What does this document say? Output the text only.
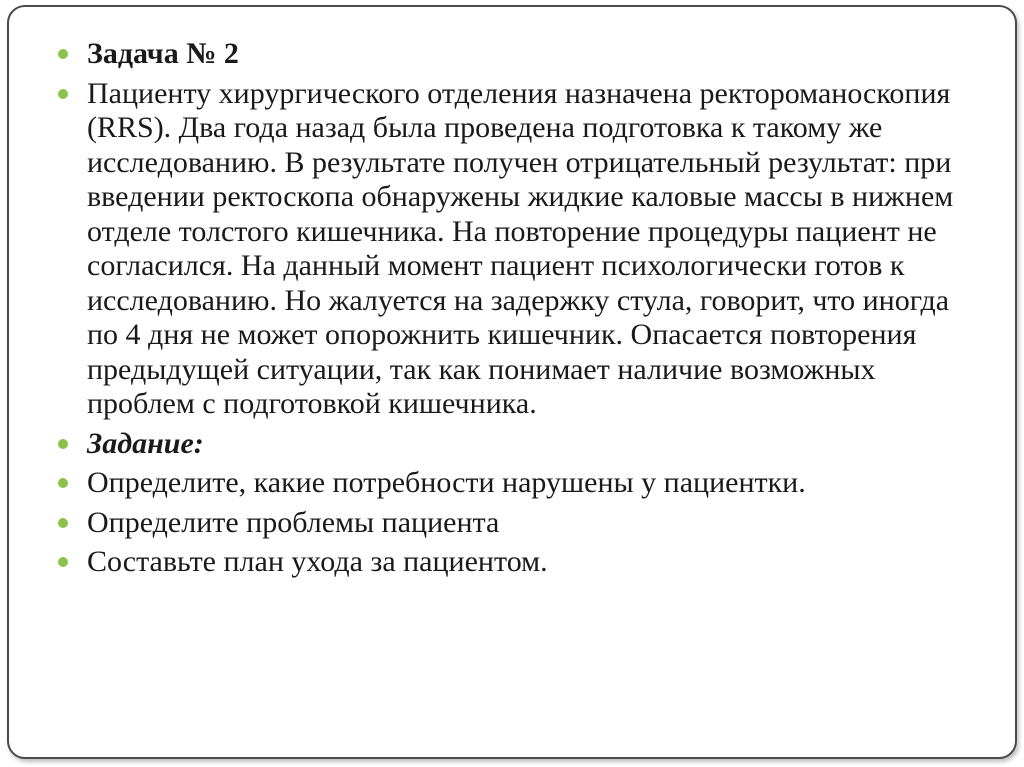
Задача № 2
Пациенту хирургического отделения назначена ректороманоскопия (RRS). Два года назад была проведена подготовка к такому же исследованию. В результате получен отрицательный результат: при введении ректоскопа обнаружены жидкие каловые массы в нижнем отделе толстого кишечника. На повторение процедуры пациент не согласился. На данный момент пациент психологически готов к исследованию. Но жалуется на задержку стула, говорит, что иногда по 4 дня не может опорожнить кишечник. Опасается повторения предыдущей ситуации, так как понимает наличие возможных проблем с подготовкой кишечника.
Задание:
Определите, какие потребности нарушены у пациентки.
Определите проблемы пациента
Составьте план ухода за пациентом.
